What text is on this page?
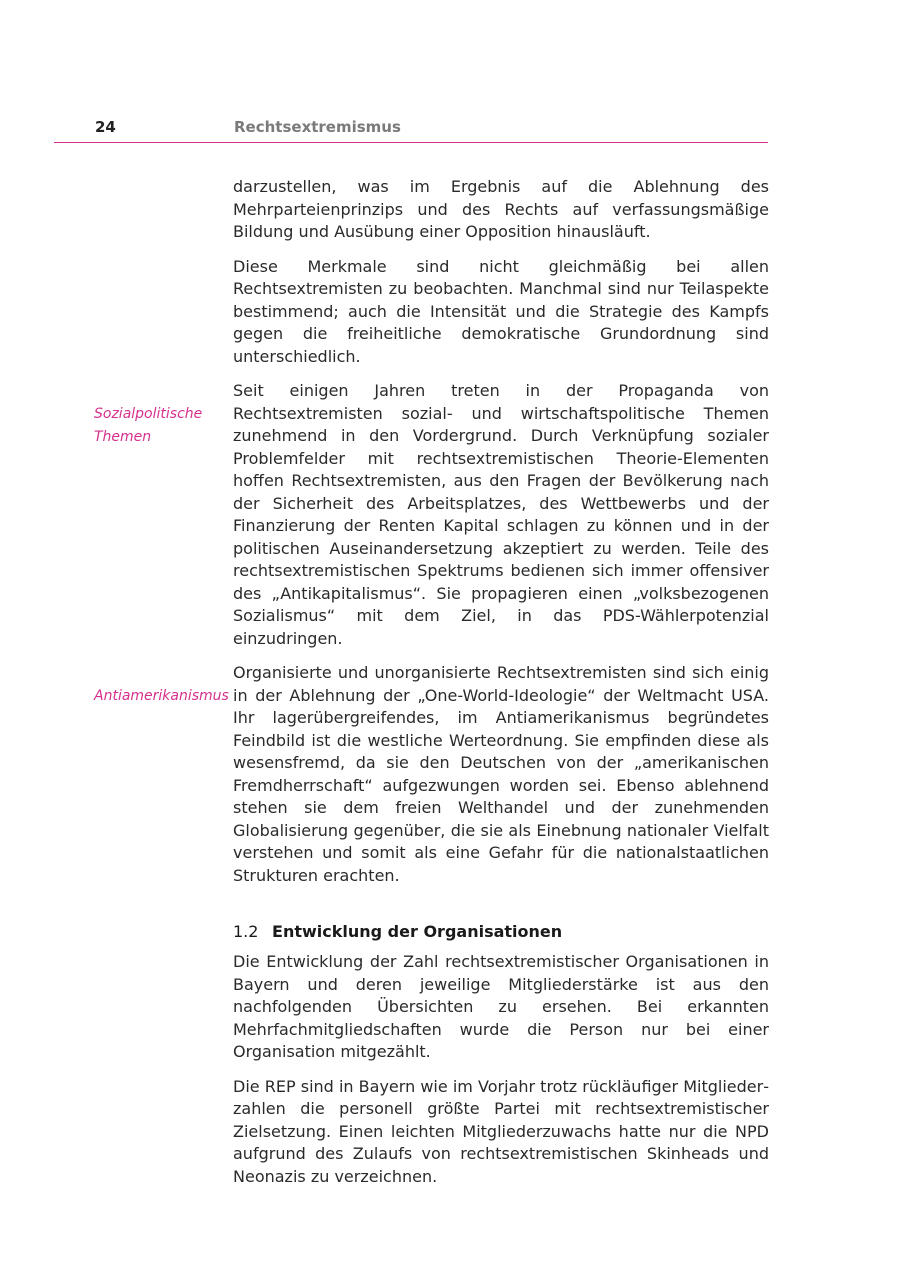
24	Rechtsextremismus

darzustellen, was im Ergebnis auf die Ablehnung des Mehrparteienprinzips und des Rechts auf verfassungsmäßige Bildung und Ausübung einer Opposition hinausläuft.

Diese Merkmale sind nicht gleichmäßig bei allen Rechtsextremisten zu beobachten. Manchmal sind nur Teilaspekte bestimmend; auch die Intensität und die Strategie des Kampfs gegen die freiheitliche demokratische Grundordnung sind unterschiedlich.

Sozialpolitische Themen
Seit einigen Jahren treten in der Propaganda von Rechtsextremisten sozial- und wirtschaftspolitische Themen zunehmend in den Vordergrund. Durch Verknüpfung sozialer Problemfelder mit rechtsextremistischen Theorie-Elementen hoffen Rechtsextremisten, aus den Fragen der Bevölkerung nach der Sicherheit des Arbeitsplatzes, des Wettbewerbs und der Finanzierung der Renten Kapital schlagen zu können und in der politischen Auseinandersetzung akzeptiert zu werden. Teile des rechtsextremistischen Spektrums bedienen sich immer offensiver des „Antikapitalismus“. Sie propagieren einen „volksbezogenen Sozialismus“ mit dem Ziel, in das PDS-Wählerpotenzial einzudringen.
Antiamerikanismus
Organisierte und unorganisierte Rechtsextremisten sind sich einig in der Ablehnung der „One-World-Ideologie“ der Weltmacht USA. Ihr lagerübergreifendes, im Antiamerikanismus begründetes Feindbild ist die westliche Werteordnung. Sie empfinden diese als wesensfremd, da sie den Deutschen von der „amerikanischen Fremdherrschaft“ aufgezwungen worden sei. Ebenso ablehnend stehen sie dem freien Welthandel und der zunehmenden Globalisierung gegenüber, die sie als Einebnung nationaler Vielfalt verstehen und somit als eine Gefahr für die nationalstaatlichen Strukturen erachten.
1.2 Entwicklung der Organisationen

Die Entwicklung der Zahl rechtsextremistischer Organisationen in Bayern und deren jeweilige Mitgliederstärke ist aus den nachfolgenden Übersichten zu ersehen. Bei erkannten Mehrfachmitgliedschaften wurde die Person nur bei einer Organisation mitgezählt.

Die REP sind in Bayern wie im Vorjahr trotz rückläufiger Mitgliederzahlen die personell größte Partei mit rechtsextremistischer Zielsetzung. Einen leichten Mitgliederzuwachs hatte nur die NPD aufgrund des Zulaufs von rechtsextremistischen Skinheads und Neonazis zu verzeichnen.
